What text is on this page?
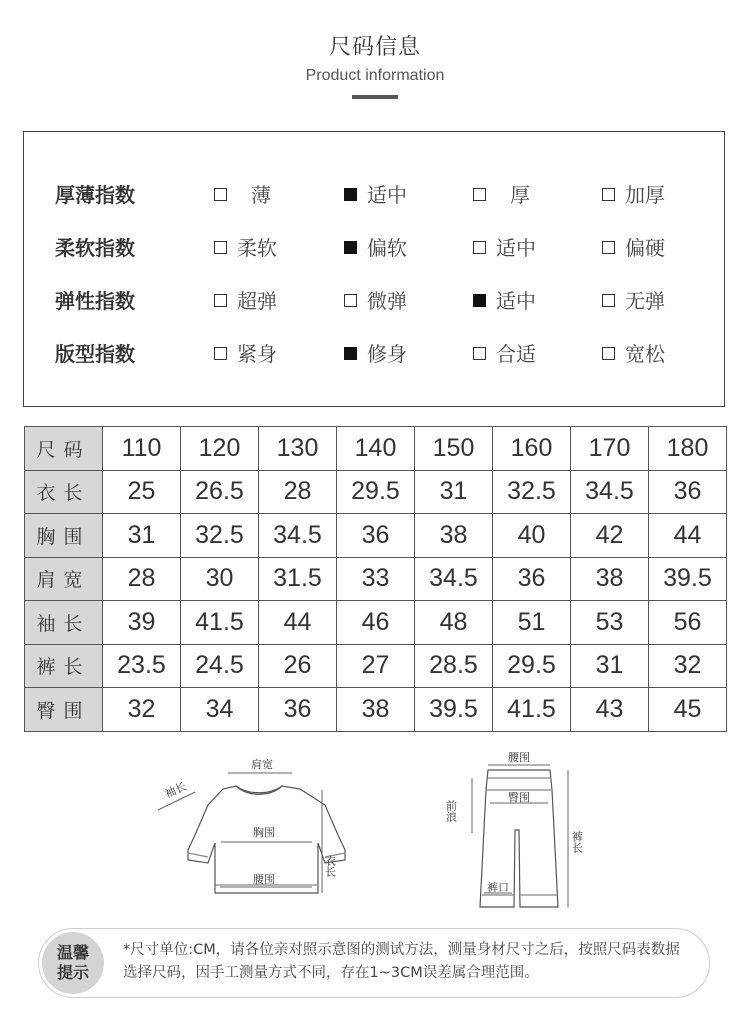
尺码信息
Product information
厚薄指数	薄	适中	厚	加厚
柔软指数	柔软	偏软	适中	偏硬
弹性指数	超弹	微弹	适中	无弹
版型指数	紧身	修身	合适	宽松
尺码	110	120	130	140	150	160	170	180
衣长	25	26.5	28	29.5	31	32.5	34.5	36
胸围	31	32.5	34.5	36	38	40	42	44
肩宽	28	30	31.5	33	34.5	36	38	39.5
袖长	39	41.5	44	46	48	51	53	56
裤长	23.5	24.5	26	27	28.5	29.5	31	32
臀围	32	34	36	38	39.5	41.5	43	45
袖长
肩宽
胸围
腰围
衣长
腰围
臀围
前浪
裤口
裤长
温馨提示
*尺寸单位:CM，请各位亲对照示意图的测试方法，测量身材尺寸之后，按照尺码表数据选择尺码，因手工测量方式不同，存在1~3CM误差属合理范围。
